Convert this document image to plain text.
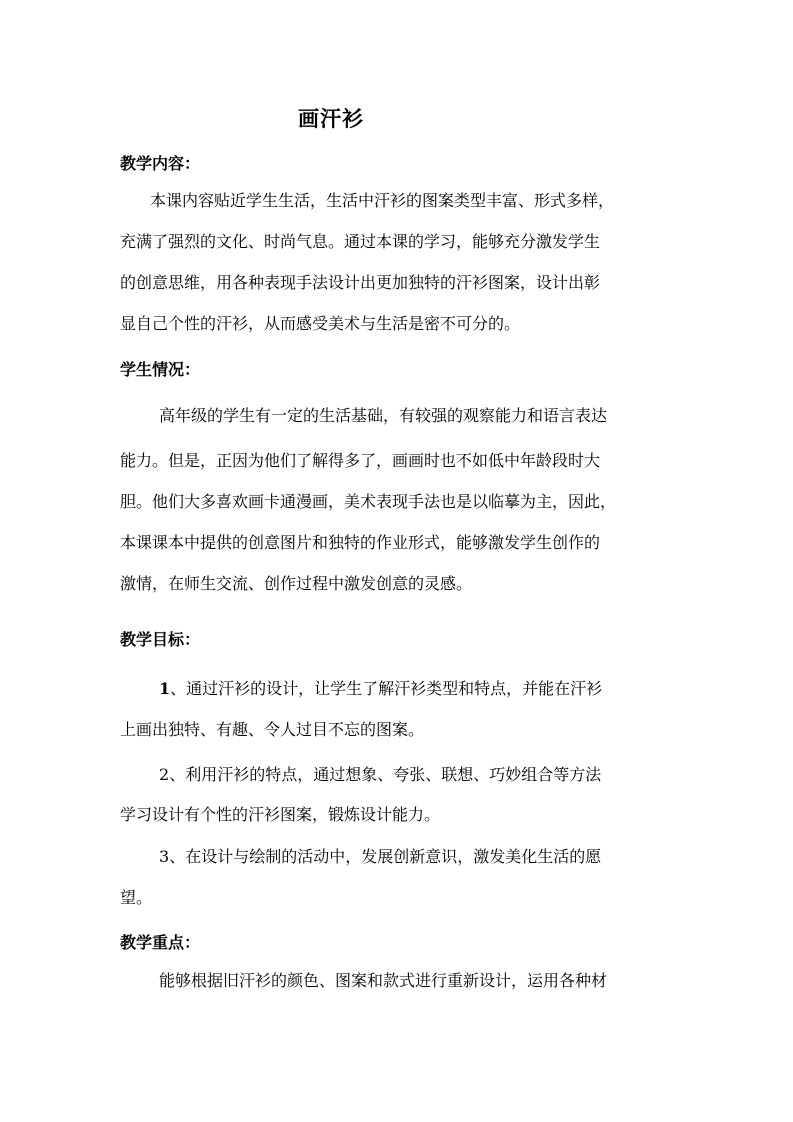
画汗衫
教学内容：
本课内容贴近学生生活，生活中汗衫的图案类型丰富、形式多样，
充满了强烈的文化、时尚气息。通过本课的学习，能够充分激发学生
的创意思维，用各种表现手法设计出更加独特的汗衫图案，设计出彰
显自己个性的汗衫，从而感受美术与生活是密不可分的。
学生情况：
高年级的学生有一定的生活基础，有较强的观察能力和语言表达
能力。但是，正因为他们了解得多了，画画时也不如低中年龄段时大
胆。他们大多喜欢画卡通漫画，美术表现手法也是以临摹为主，因此，
本课课本中提供的创意图片和独特的作业形式，能够激发学生创作的
激情，在师生交流、创作过程中激发创意的灵感。
教学目标：
1、通过汗衫的设计，让学生了解汗衫类型和特点，并能在汗衫
上画出独特、有趣、令人过目不忘的图案。
2、利用汗衫的特点，通过想象、夸张、联想、巧妙组合等方法
学习设计有个性的汗衫图案，锻炼设计能力。
3、在设计与绘制的活动中，发展创新意识，激发美化生活的愿
望。
教学重点：
能够根据旧汗衫的颜色、图案和款式进行重新设计，运用各种材
